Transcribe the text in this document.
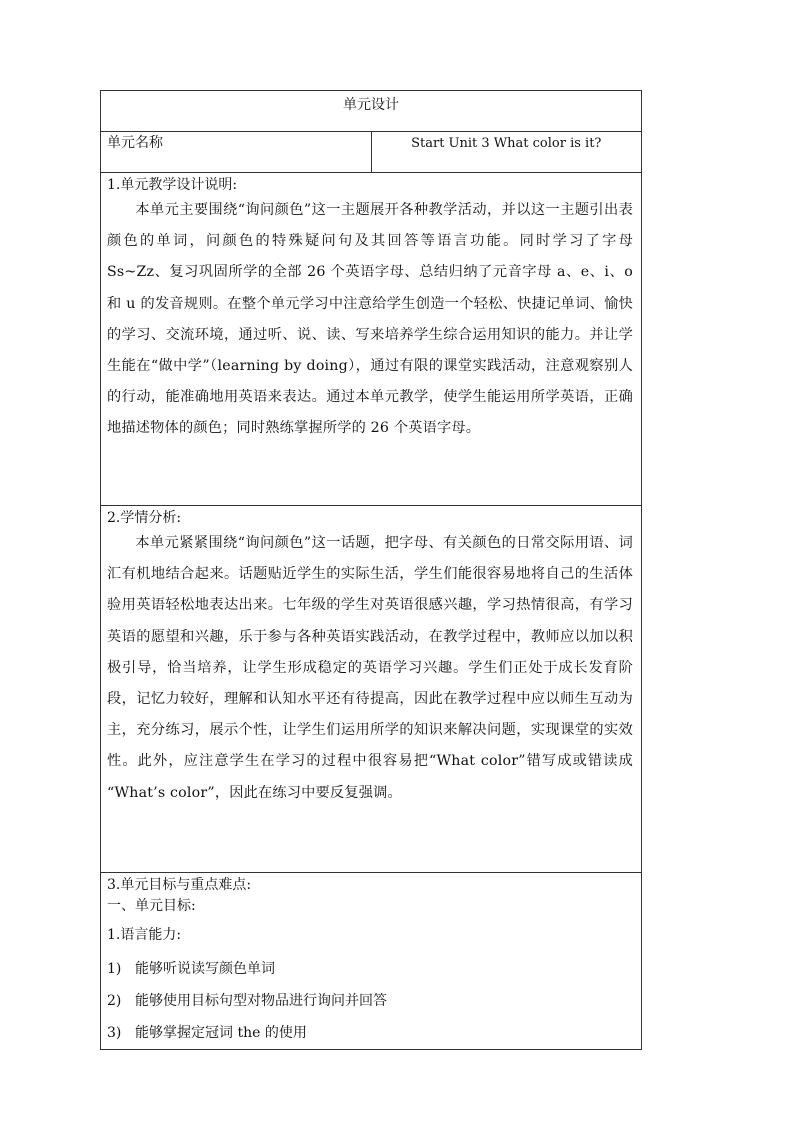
单元设计
单元名称	Start Unit 3 What color is it?

1.单元教学设计说明:

本单元主要围绕“询问颜色”这一主题展开各种教学活动，并以这一主题引出表颜色的单词，问颜色的特殊疑问句及其回答等语言功能。同时学习了字母 Ss~Zz、复习巩固所学的全部 26 个英语字母、总结归纳了元音字母 a、e、i、o 和 u 的发音规则。在整个单元学习中注意给学生创造一个轻松、快捷记单词、愉快的学习、交流环境，通过听、说、读、写来培养学生综合运用知识的能力。并让学生能在“做中学”（learning by doing），通过有限的课堂实践活动，注意观察别人的行动，能准确地用英语来表达。通过本单元教学，使学生能运用所学英语，正确地描述物体的颜色；同时熟练掌握所学的 26 个英语字母。

2.学情分析:

本单元紧紧围绕“询问颜色”这一话题，把字母、有关颜色的日常交际用语、词汇有机地结合起来。话题贴近学生的实际生活，学生们能很容易地将自己的生活体验用英语轻松地表达出来。七年级的学生对英语很感兴趣，学习热情很高，有学习英语的愿望和兴趣，乐于参与各种英语实践活动，在教学过程中，教师应以加以积极引导，恰当培养，让学生形成稳定的英语学习兴趣。学生们正处于成长发育阶段，记忆力较好，理解和认知水平还有待提高，因此在教学过程中应以师生互动为主，充分练习，展示个性，让学生们运用所学的知识来解决问题，实现课堂的实效性。此外，应注意学生在学习的过程中很容易把“What color”错写成或错读成 “What’s color”，因此在练习中要反复强调。

3.单元目标与重点难点:

一、单元目标:

1.语言能力:

1) 能够听说读写颜色单词

2) 能够使用目标句型对物品进行询问并回答

3) 能够掌握定冠词 the 的使用
